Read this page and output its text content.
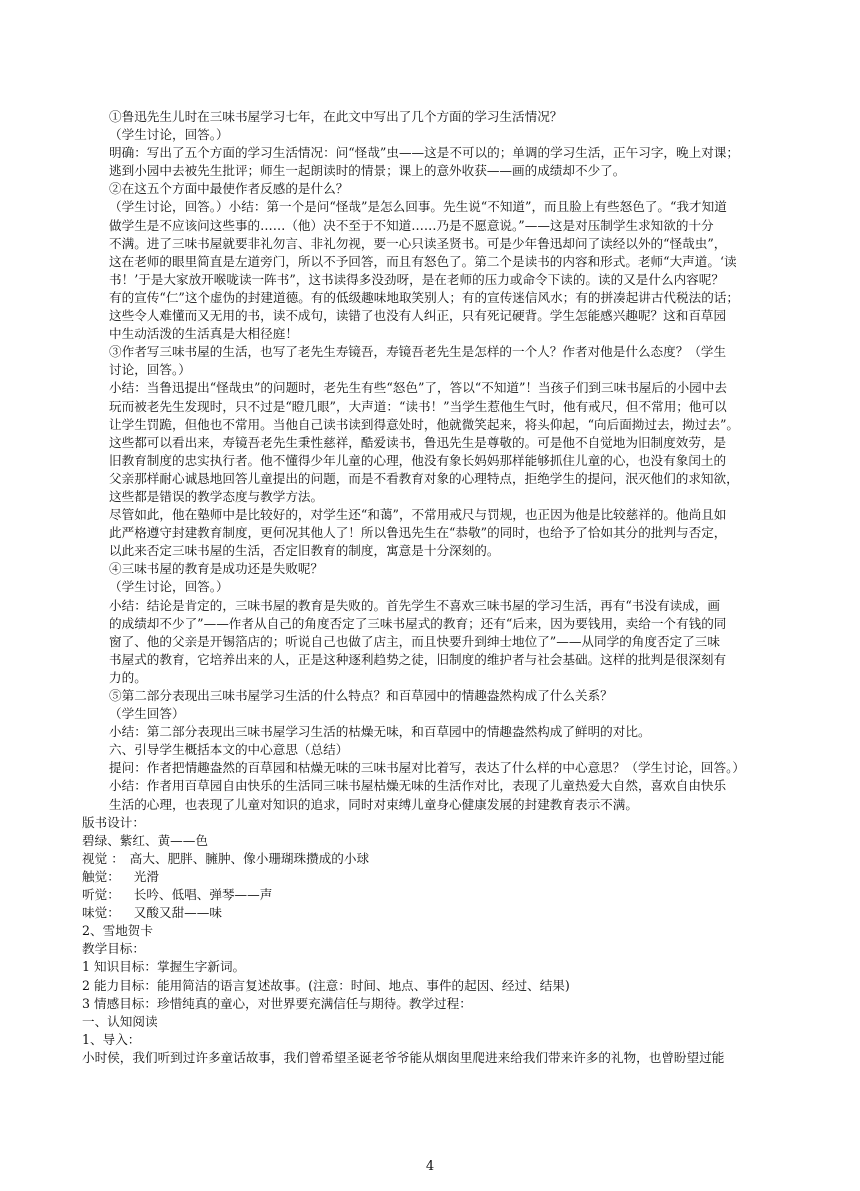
①鲁迅先生儿时在三味书屋学习七年，在此文中写出了几个方面的学习生活情况？

（学生讨论，回答。）

明确：写出了五个方面的学习生活情况：问“怪哉”虫——这是不可以的；单调的学习生活，正午习字，晚上对课；

逃到小园中去被先生批评；师生一起朗读时的情景；课上的意外收获——画的成绩却不少了。

②在这五个方面中最使作者反感的是什么？

（学生讨论，回答。）小结：第一个是问“怪哉”是怎么回事。先生说“不知道”，而且脸上有些怒色了。“我才知道

做学生是不应该问这些事的……（他）决不至于不知道……乃是不愿意说。”——这是对压制学生求知欲的十分

不满。进了三味书屋就要非礼勿言、非礼勿视，要一心只读圣贤书。可是少年鲁迅却问了读经以外的“怪哉虫”，

这在老师的眼里简直是左道旁门，所以不予回答，而且有怒色了。第二个是读书的内容和形式。老师“大声道。‘读

书！’于是大家放开喉咙读一阵书”，这书读得多没劲呀，是在老师的压力或命令下读的。读的又是什么内容呢？

有的宣传“仁”这个虚伪的封建道德。有的低级趣味地取笑别人；有的宣传迷信风水；有的拼凑起讲古代税法的话；

这些令人难懂而又无用的书，读不成句，读错了也没有人纠正，只有死记硬背。学生怎能感兴趣呢？这和百草园

中生动活泼的生活真是大相径庭！

③作者写三味书屋的生活，也写了老先生寿镜吾，寿镜吾老先生是怎样的一个人？作者对他是什么态度？（学生

讨论，回答。）

小结：当鲁迅提出“怪哉虫”的问题时，老先生有些“怒色”了，答以“不知道”！当孩子们到三味书屋后的小园中去

玩而被老先生发现时，只不过是“瞪几眼”，大声道：“读书！”当学生惹他生气时，他有戒尺，但不常用；他可以

让学生罚跪，但他也不常用。当他自己读书读到得意处时，他就微笑起来，将头仰起，“向后面拗过去，拗过去”。

这些都可以看出来，寿镜吾老先生秉性慈祥，酷爱读书，鲁迅先生是尊敬的。可是他不自觉地为旧制度效劳，是

旧教育制度的忠实执行者。他不懂得少年儿童的心理，他没有象长妈妈那样能够抓住儿童的心，也没有象闰土的

父亲那样耐心诚恳地回答儿童提出的问题，而是不看教育对象的心理特点，拒绝学生的提问，泯灭他们的求知欲，

这些都是错误的教学态度与教学方法。

尽管如此，他在塾师中是比较好的，对学生还“和蔼”，不常用戒尺与罚规，也正因为他是比较慈祥的。他尚且如

此严格遵守封建教育制度，更何况其他人了！所以鲁迅先生在“恭敬”的同时，也给予了恰如其分的批判与否定，

以此来否定三味书屋的生活，否定旧教育的制度，寓意是十分深刻的。

④三味书屋的教育是成功还是失败呢？

（学生讨论，回答。）

小结：结论是肯定的，三味书屋的教育是失败的。首先学生不喜欢三味书屋的学习生活，再有“书没有读成，画

的成绩却不少了”——作者从自己的角度否定了三味书屋式的教育；还有“后来，因为要钱用，卖给一个有钱的同

窗了、他的父亲是开锡箔店的；听说自己也做了店主，而且快要升到绅士地位了”——从同学的角度否定了三味

书屋式的教育，它培养出来的人，正是这种逐利趋势之徒，旧制度的维护者与社会基础。这样的批判是很深刻有

力的。

⑤第二部分表现出三味书屋学习生活的什么特点？和百草园中的情趣盎然构成了什么关系？

（学生回答）

小结：第二部分表现出三味书屋学习生活的枯燥无味，和百草园中的情趣盎然构成了鲜明的对比。

六、引导学生概括本文的中心意思（总结）

提问：作者把情趣盎然的百草园和枯燥无味的三味书屋对比着写，表达了什么样的中心意思？（学生讨论，回答。）

小结：作者用百草园自由快乐的生活同三味书屋枯燥无味的生活作对比，表现了儿童热爱大自然，喜欢自由快乐

生活的心理，也表现了儿童对知识的追求，同时对束缚儿童身心健康发展的封建教育表示不满。

版书设计：

碧绿、紫红、黄——色

视觉 ： 高大、肥胖、臃肿、像小珊瑚珠攒成的小球

触觉： 光滑

听觉： 长吟、低唱、弹琴——声

味觉： 又酸又甜——味

2、雪地贺卡

教学目标：

1 知识目标：掌握生字新词。

2 能力目标：能用简洁的语言复述故事。(注意：时间、地点、事件的起因、经过、结果)

3 情感目标：珍惜纯真的童心，对世界要充满信任与期待。教学过程：

一、认知阅读

1、导入：

小时侯，我们听到过许多童话故事，我们曾希望圣诞老爷爷能从烟囱里爬进来给我们带来许多的礼物，也曾盼望过能

4
